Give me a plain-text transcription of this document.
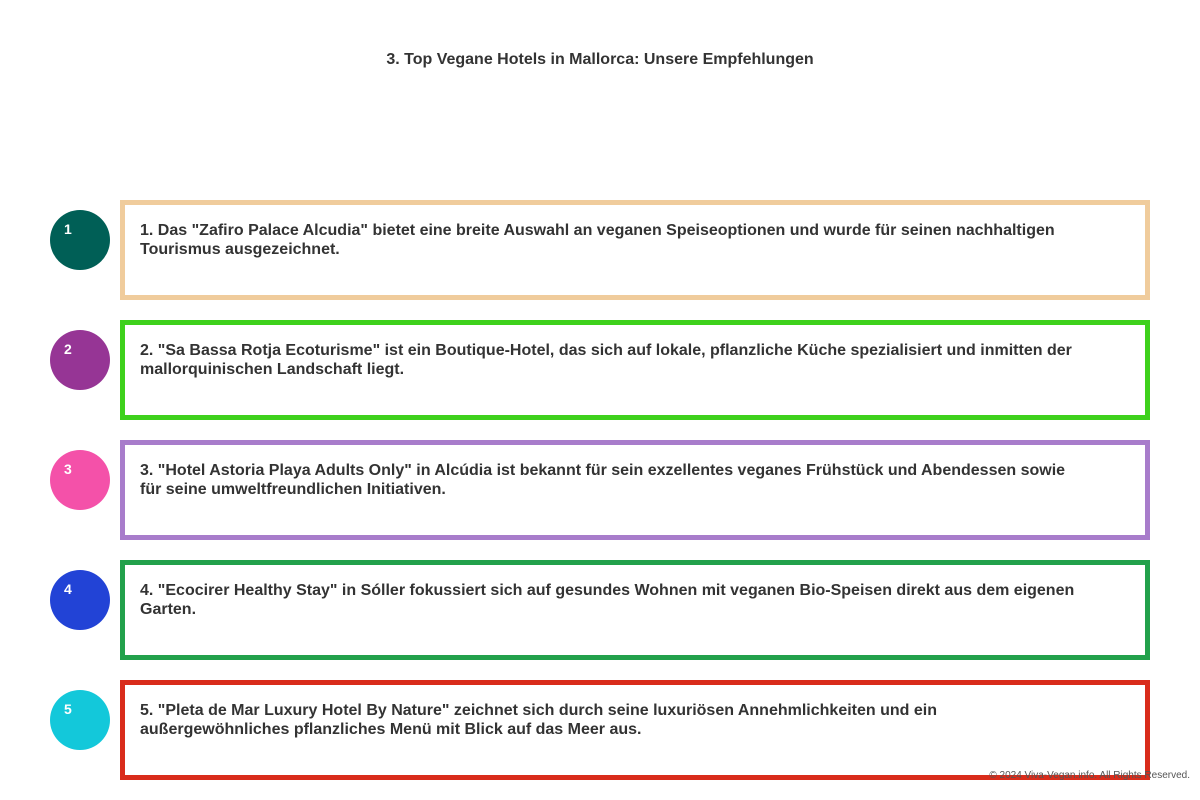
3. Top Vegane Hotels in Mallorca: Unsere Empfehlungen
1	1. Das "Zafiro Palace Alcudia" bietet eine breite Auswahl an veganen Speiseoptionen und wurde für seinen nachhaltigen Tourismus ausgezeichnet.
2	2. "Sa Bassa Rotja Ecoturisme" ist ein Boutique-Hotel, das sich auf lokale, pflanzliche Küche spezialisiert und inmitten der mallorquinischen Landschaft liegt.
3	3. "Hotel Astoria Playa Adults Only" in Alcúdia ist bekannt für sein exzellentes veganes Frühstück und Abendessen sowie für seine umweltfreundlichen Initiativen.
4	4. "Ecocirer Healthy Stay" in Sóller fokussiert sich auf gesundes Wohnen mit veganen Bio-Speisen direkt aus dem eigenen Garten.
5	5. "Pleta de Mar Luxury Hotel By Nature" zeichnet sich durch seine luxuriösen Annehmlichkeiten und ein außergewöhnliches pflanzliches Menü mit Blick auf das Meer aus.
© 2024 Viva-Vegan.info. All Rights Reserved.
